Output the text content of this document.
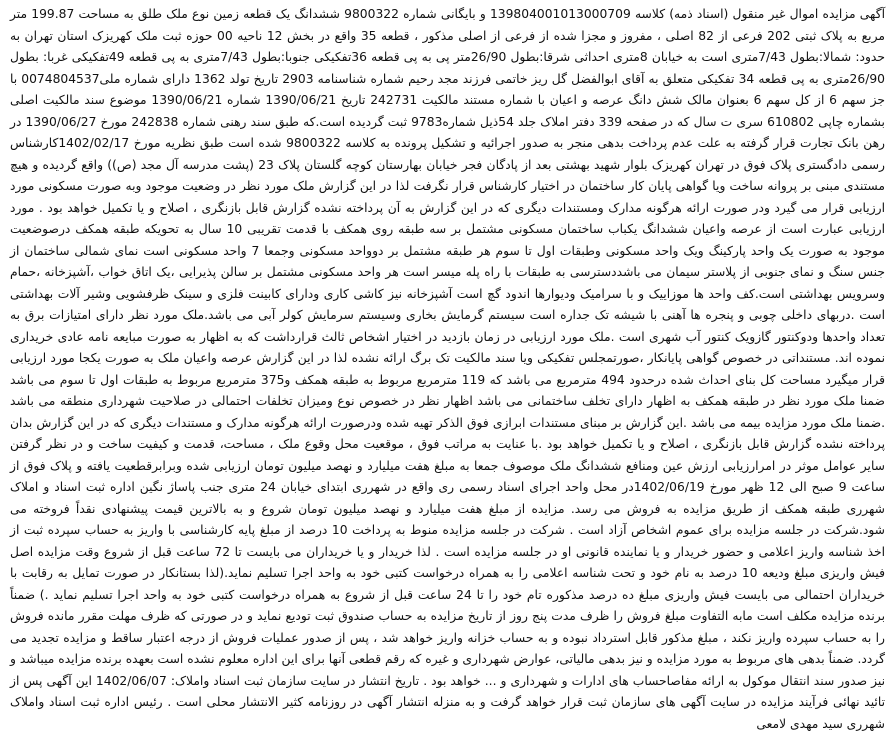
آگهی مزایده اموال غیر منقول (اسناد ذمه) کلاسه 139804001013000709 و بایگانی شماره 9800322 ششدانگ یک قطعه زمین نوع ملک طلق به مساحت 199.87 متر مربع به پلاک ثبتی 202 فرعی از 82 اصلی ، مفروز و مجزا شده از فرعی از اصلی مذکور ، قطعه 35 واقع در بخش 12 ناحیه 00 حوزه ثبت ملک کهریزک استان تهران به حدود: شمالا:بطول 7/43متری است به خیابان 8متری احداثی شرقا:بطول 26/90متر پی به پی قطعه 36تفکیکی جنوبا:بطول 7/43متری به پی قطعه 49تفکیکی غربا: بطول 26/90متری به پی قطعه 34 تفکیکی متعلق به آقای ابوالفضل گل ریز خاتمی فرزند مجد رحیم شماره شناسنامه 2903 تاریخ تولد 1362 دارای شماره ملی0074804537 با جز سهم 6 از کل سهم 6 بعنوان مالک شش دانگ عرصه و اعیان با شماره مستند مالکیت 242731 تاریخ 1390/06/21 شماره 1390/06/21 موضوع سند مالکیت اصلی بشماره چاپی 610802 سری ت سال که در صفحه 339 دفتر املاک جلد 54ذیل شماره9783 ثبت گردیده است.که طبق سند رهنی شماره 242838 مورخ 1390/06/27 در رهن بانک تجارت قرار گرفته به علت عدم پرداخت بدهی منجر به صدور اجرائیه و تشکیل پرونده به کلاسه 9800322 شده است طبق نظریه مورخ 1402/02/17کارشناس رسمی دادگستری پلاک فوق در تهران کهریزک بلوار شهید بهشتی بعد از پادگان فجر خیابان بهارستان کوچه گلستان پلاک 23 (پشت مدرسه آل مجد (ص)) واقع گردیده و هیچ مستندی مبنی بر پروانه ساخت ویا گواهی پایان کار ساختمان در اختیار کارشناس قرار نگرفت لذا در این گزارش ملک مورد نظر در وضعیت موجود وبه صورت مسکونی مورد ارزیابی قرار می گیرد ودر صورت ارائه هرگونه مدارک ومستندات دیگری که در این گزارش به آن پرداخته نشده گزارش قابل بازنگری ، اصلاح و یا تکمیل خواهد بود . مورد ارزیابی عبارت است از عرصه واعیان ششدانگ یکباب ساختمان مسکونی مشتمل بر سه طبقه روی همکف با قدمت تقریبی 10 سال به تحویکه طبقه همکف درصوضعیت موجود به صورت یک واحد پارکینگ ویک واحد مسکونی وطبقات اول تا سوم هر طبقه مشتمل بر دوواحد مسکونی وجمعا 7 واحد مسکونی است نمای شمالی ساختمان از جنس سنگ و نمای جنوبی از پلاستر سیمان می باشددسترسی به طبقات با راه پله میسر است هر واحد مسکونی مشتمل بر سالن پذیرایی ،یک اتاق خواب ،آشپزخانه ،حمام وسرویس بهداشتی است.کف واحد ها موزاییک و با سرامیک ودیوارها اندود گچ است آشپزخانه نیز کاشی کاری ودارای کابینت فلزی و سینک ظرفشویی وشیر آلات بهداشتی است .دربهای داخلی چوبی و پنجره ها آهنی با شیشه تک جداره است سیستم گرمایش بخاری وسیستم سرمایش کولر آبی می باشد.ملک مورد نظر دارای امتیازات برق به تعداد واحدها ودوکنتور گازویک کنتور آب شهری است .ملک مورد ارزیابی در زمان بازدید در اختیار اشخاص ثالث قرارداشت که به اظهار به صورت مبایعه نامه عادی خریداری نموده اند. مستنداتی در خصوص گواهی پایانکار ،صورتمجلس تفکیکی ویا سند مالکیت تک برگ ارائه نشده لذا در این گزارش عرصه واعیان ملک به صورت یکجا مورد ارزیابی قرار میگیرد مساحت کل بنای احداث شده درحدود 494 مترمربع می باشد که 119 مترمربع مربوط به طبقه همکف و375 مترمربع مربوط به طبقات اول تا سوم می باشد ضمنا ملک مورد نظر در طبقه همکف به اظهار دارای تخلف ساختمانی می باشد اظهار نظر در خصوص نوع ومیزان تخلفات احتمالی در صلاحیت شهرداری منطقه می باشد .ضمنا ملک مورد مزایده بیمه می باشد .این گزارش بر مبنای مستندات ابرازی فوق الذکر تهیه شده ودرصورت ارائه هرگونه مدارک و مستندات دیگری که در این گزارش بدان پرداخته نشده گزارش قابل بازنگری ، اصلاح و یا تکمیل خواهد بود .با عنایت به مراتب فوق ، موقعیت محل وقوع ملک ، مساحت، قدمت و کیفیت ساخت و در نظر گرفتن سایر عوامل موثر در امرارزیابی ارزش عین ومنافع ششدانگ ملک موصوف جمعا به مبلغ هفت میلیارد و نهصد میلیون تومان ارزیابی شده وبرابرقطعیت یافته و پلاک فوق از ساعت 9 صبح الی 12 ظهر مورخ 1402/06/19در محل واحد اجرای اسناد رسمی ری واقع در شهرری ابتدای خیابان 24 متری جنب پاساژ نگین اداره ثبت اسناد و املاک شهرری طبقه همکف از طریق مزایده به فروش می رسد. مزایده از مبلغ هفت میلیارد و نهصد میلیون تومان شروع و به بالاترین قیمت پیشنهادی نقداً فروخته می شود.شرکت در جلسه مزایده برای عموم اشخاص آزاد است . شرکت در جلسه مزایده منوط به پرداخت 10 درصد از مبلغ پایه کارشناسی با واریز به حساب سپرده ثبت از اخذ شناسه واریز اعلامی و حضور خریدار و یا نماینده قانونی او در جلسه مزایده است . لذا خریدار و یا خریداران می بایست تا 72 ساعت قبل از شروع وقت مزایده اصل فیش واریزی مبلغ ودیعه 10 درصد به نام خود و تحت شناسه اعلامی را به همراه درخواست کتبی خود به واحد اجرا تسلیم نماید.(لذا بستانکار در صورت تمایل به رقابت با خریداران احتمالی می بایست فیش واریزی مبلغ ده درصد مذکوره تام خود را تا 24 ساعت قبل از شروع به همراه درخواست کتبی خود به واحد اجرا تسلیم نماید .) ضمناً برنده مزایده مکلف است مابه التفاوت مبلغ فروش را ظرف مدت پنج روز از تاریخ مزایده به حساب صندوق ثبت تودیع نماید و در صورتی که ظرف مهلت مقرر مانده فروش را به حساب سپرده واریز نکند ، مبلغ مذکور قابل استرداد نبوده و به حساب خزانه واریز خواهد شد ، پس از صدور عملیات فروش از درجه اعتبار ساقط و مزایده تجدید می گردد. ضمناً بدهی های مربوط به مورد مزایده و نیز بدهی مالیاتی، عوارض شهرداری و غیره که رقم قطعی آنها برای این اداره معلوم نشده است بعهده برنده مزایده میباشد و نیز صدور سند انتقال موکول به ارائه مفاصاحساب های ادارات و شهرداری و ... خواهد بود . تاریخ انتشار در سایت سازمان ثبت اسناد واملاک: 1402/06/07 این آگهی پس از تائید نهائی فرآیند مزایده در سایت آگهی های سازمان ثبت قرار خواهد گرفت و به منزله انتشار آگهی در روزنامه کثیر الانتشار محلی است . رئیس اداره ثبت اسناد واملاک شهرری سید مهدی لامعی
